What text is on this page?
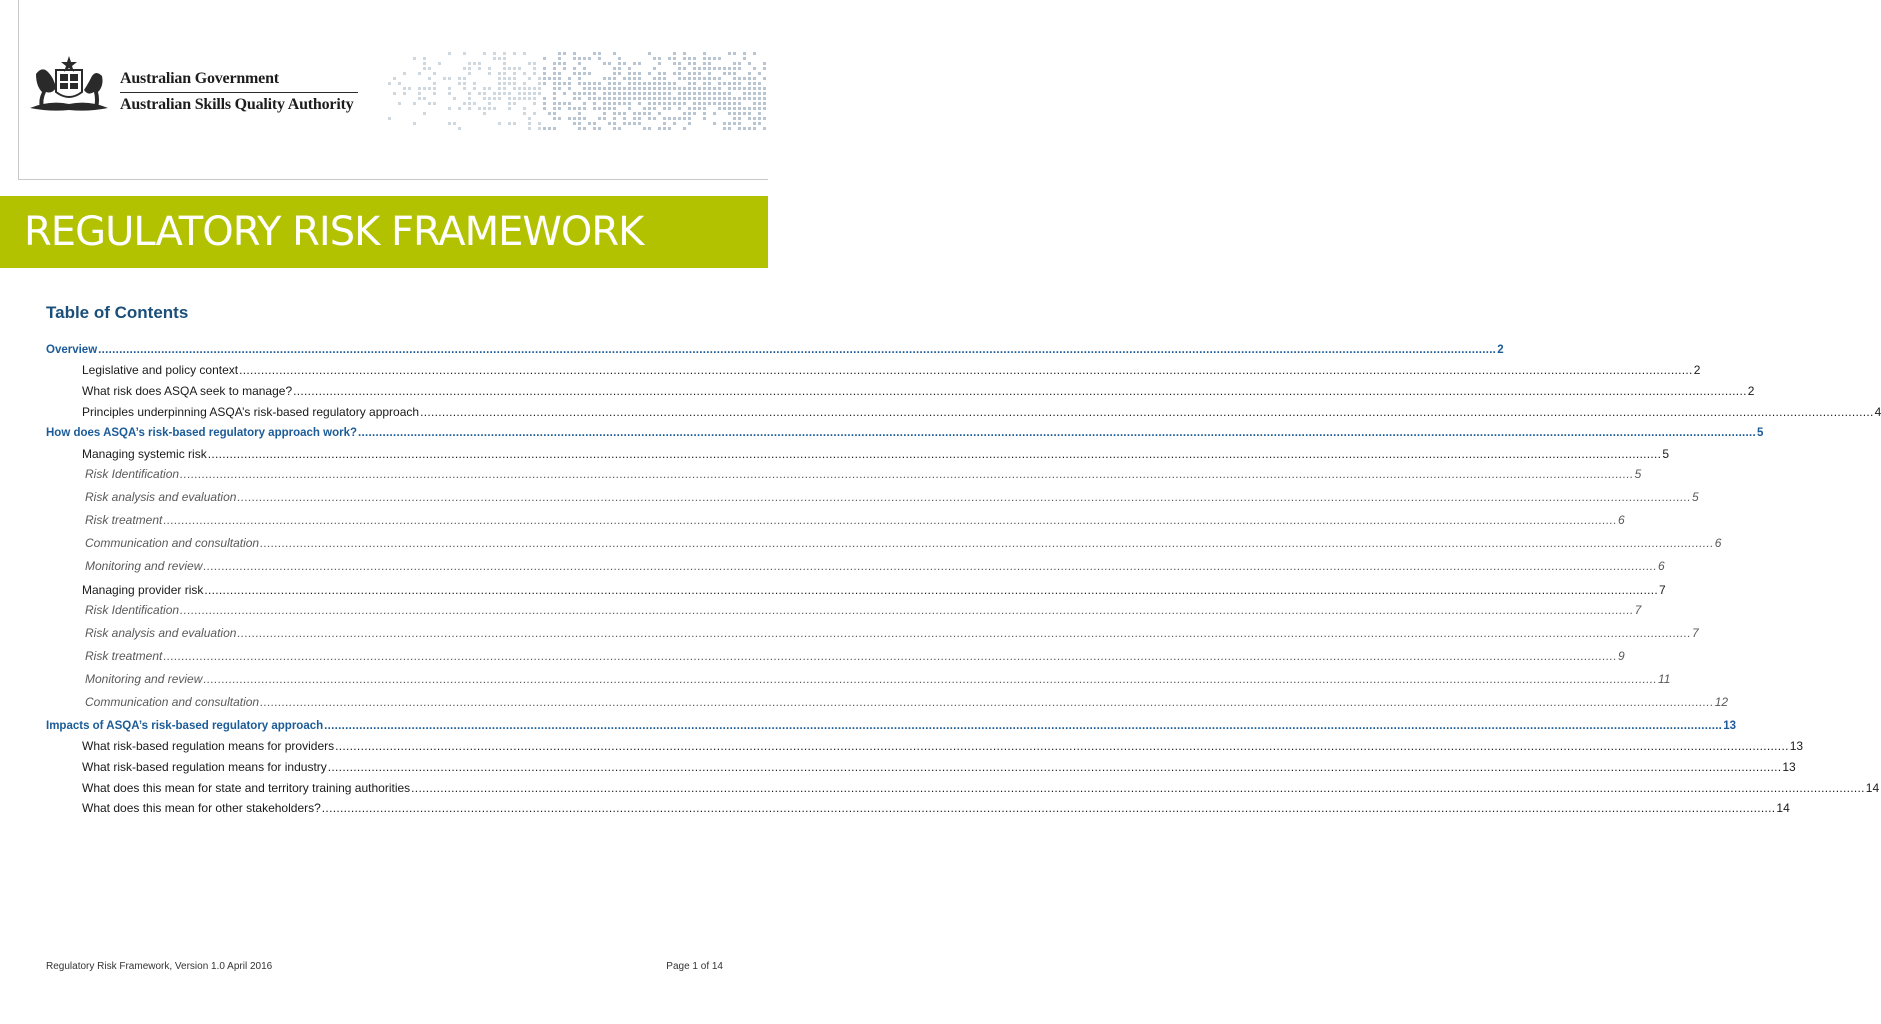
Australian Government
Australian Skills Quality Authority
REGULATORY RISK FRAMEWORK
Table of Contents
Overview ................................................................................................................................................................................................................................................................................................................................................................................................................ 2
Legislative and policy context ................................................................................................................................................................................................................................................................................................................................................................................................................ 2
What risk does ASQA seek to manage? ................................................................................................................................................................................................................................................................................................................................................................................................................ 2
Principles underpinning ASQA’s risk-based regulatory approach ................................................................................................................................................................................................................................................................................................................................................................................................................ 4
How does ASQA’s risk-based regulatory approach work? ................................................................................................................................................................................................................................................................................................................................................................................................................ 5
Managing systemic risk ................................................................................................................................................................................................................................................................................................................................................................................................................ 5
Risk Identification ................................................................................................................................................................................................................................................................................................................................................................................................................ 5
Risk analysis and evaluation ................................................................................................................................................................................................................................................................................................................................................................................................................ 5
Risk treatment ................................................................................................................................................................................................................................................................................................................................................................................................................ 6
Communication and consultation ................................................................................................................................................................................................................................................................................................................................................................................................................ 6
Monitoring and review ................................................................................................................................................................................................................................................................................................................................................................................................................ 6
Managing provider risk ................................................................................................................................................................................................................................................................................................................................................................................................................ 7
Risk Identification ................................................................................................................................................................................................................................................................................................................................................................................................................ 7
Risk analysis and evaluation ................................................................................................................................................................................................................................................................................................................................................................................................................ 7
Risk treatment ................................................................................................................................................................................................................................................................................................................................................................................................................ 9
Monitoring and review ................................................................................................................................................................................................................................................................................................................................................................................................................ 11
Communication and consultation ................................................................................................................................................................................................................................................................................................................................................................................................................ 12
Impacts of ASQA’s risk-based regulatory approach ................................................................................................................................................................................................................................................................................................................................................................................................................ 13
What risk-based regulation means for providers ................................................................................................................................................................................................................................................................................................................................................................................................................ 13
What risk-based regulation means for industry ................................................................................................................................................................................................................................................................................................................................................................................................................ 13
What does this mean for state and territory training authorities ................................................................................................................................................................................................................................................................................................................................................................................................................ 14
What does this mean for other stakeholders? ................................................................................................................................................................................................................................................................................................................................................................................................................ 14
Regulatory Risk Framework, Version 1.0 April 2016	Page 1 of 14
